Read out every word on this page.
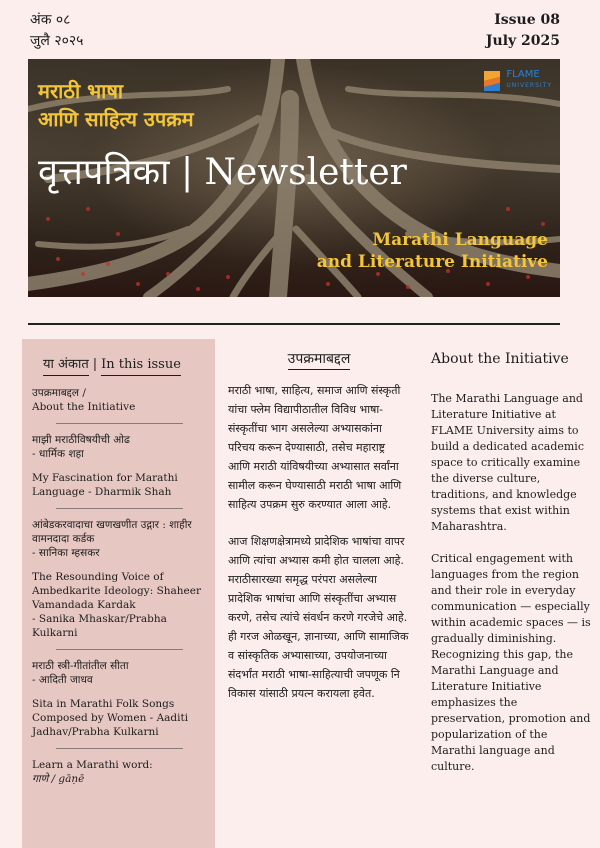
अंक ०८
जुलै २०२५
Issue 08
July 2025
मराठी भाषा
आणि साहित्य उपक्रम
वृत्तपत्रिका | Newsletter
Marathi Language
and Literature Initiative
FLAME
UNIVERSITY
या अंकात | In this issue
उपक्रमाबद्दल /
About the Initiative
माझी मराठीविषयीची ओढ
- धार्मिक शहा
My Fascination for Marathi Language - Dharmik Shah
आंबेडकरवादाचा खणखणीत उद्गार : शाहीर वामनदादा कर्डक
- सानिका म्हसकर
The Resounding Voice of Ambedkarite Ideology: Shaheer Vamandada Kardak
- Sanika Mhaskar/Prabha Kulkarni
मराठी स्त्री-गीतांतील सीता
- आदिती जाधव
Sita in Marathi Folk Songs Composed by Women - Aaditi Jadhav/Prabha Kulkarni
Learn a Marathi word:
गाणे / gāṇē
उपक्रमाबद्दल

मराठी भाषा, साहित्य, समाज आणि संस्कृती यांचा फ्लेम विद्यापीठातील विविध भाषा-संस्कृतींचा भाग असलेल्या अभ्यासकांना परिचय करून देण्यासाठी, तसेच महाराष्ट्र आणि मराठी यांविषयीच्या अभ्यासात सर्वांना सामील करून घेण्यासाठी मराठी भाषा आणि साहित्य उपक्रम सुरु करण्यात आला आहे.

आज शिक्षणक्षेत्रामध्ये प्रादेशिक भाषांचा वापर आणि त्यांचा अभ्यास कमी होत चालला आहे. मराठीसारख्या समृद्ध परंपरा असलेल्या प्रादेशिक भाषांचा आणि संस्कृतींचा अभ्यास करणे, तसेच त्यांचे संवर्धन करणे गरजेचे आहे. ही गरज ओळखून, ज्ञानाच्या, आणि सामाजिक व सांस्कृतिक अभ्यासाच्या, उपयोजनाच्या संदर्भांत मराठी भाषा-साहित्याची जपणूक नि विकास यांसाठी प्रयत्न करायला हवेत.

About the Initiative

The Marathi Language and Literature Initiative at FLAME University aims to build a dedicated academic space to critically examine the diverse culture, traditions, and knowledge systems that exist within Maharashtra.

Critical engagement with languages from the region and their role in everyday communication — especially within academic spaces — is gradually diminishing. Recognizing this gap, the Marathi Language and Literature Initiative emphasizes the preservation, promotion and popularization of the Marathi language and culture.
